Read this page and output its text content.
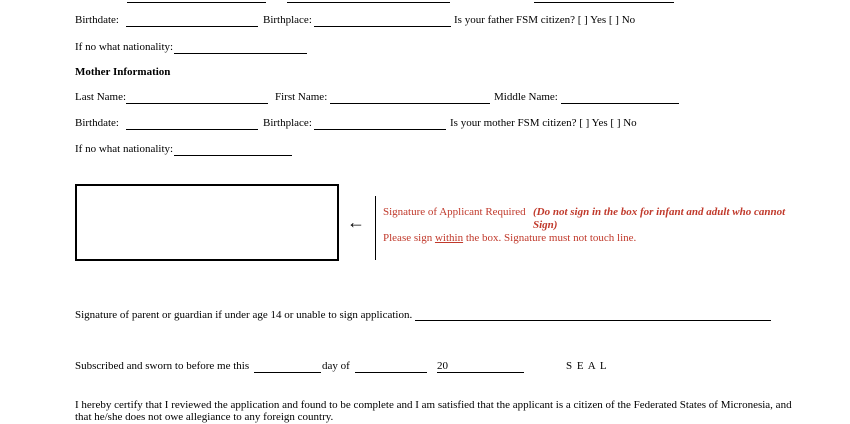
Birthdate:	Birthplace:	Is your father FSM citizen? [ ] Yes [ ] No
If no what nationality:
Mother Information
Last Name:	First Name:	Middle Name:
Birthdate:	Birthplace:	Is your mother FSM citizen? [ ] Yes [ ] No
If no what nationality:
← Signature of Applicant Required (Do not sign in the box for infant and adult who cannot
Sign)
Please sign within the box. Signature must not touch line.
Signature of parent or guardian if under age 14 or unable to sign application.
Subscribed and sworn to before me this	day of	20	S E A L
I hereby certify that I reviewed the application and found to be complete and I am satisfied that the applicant is a citizen of the Federated States of Micronesia, and
that he/she does not owe allegiance to any foreign country.
